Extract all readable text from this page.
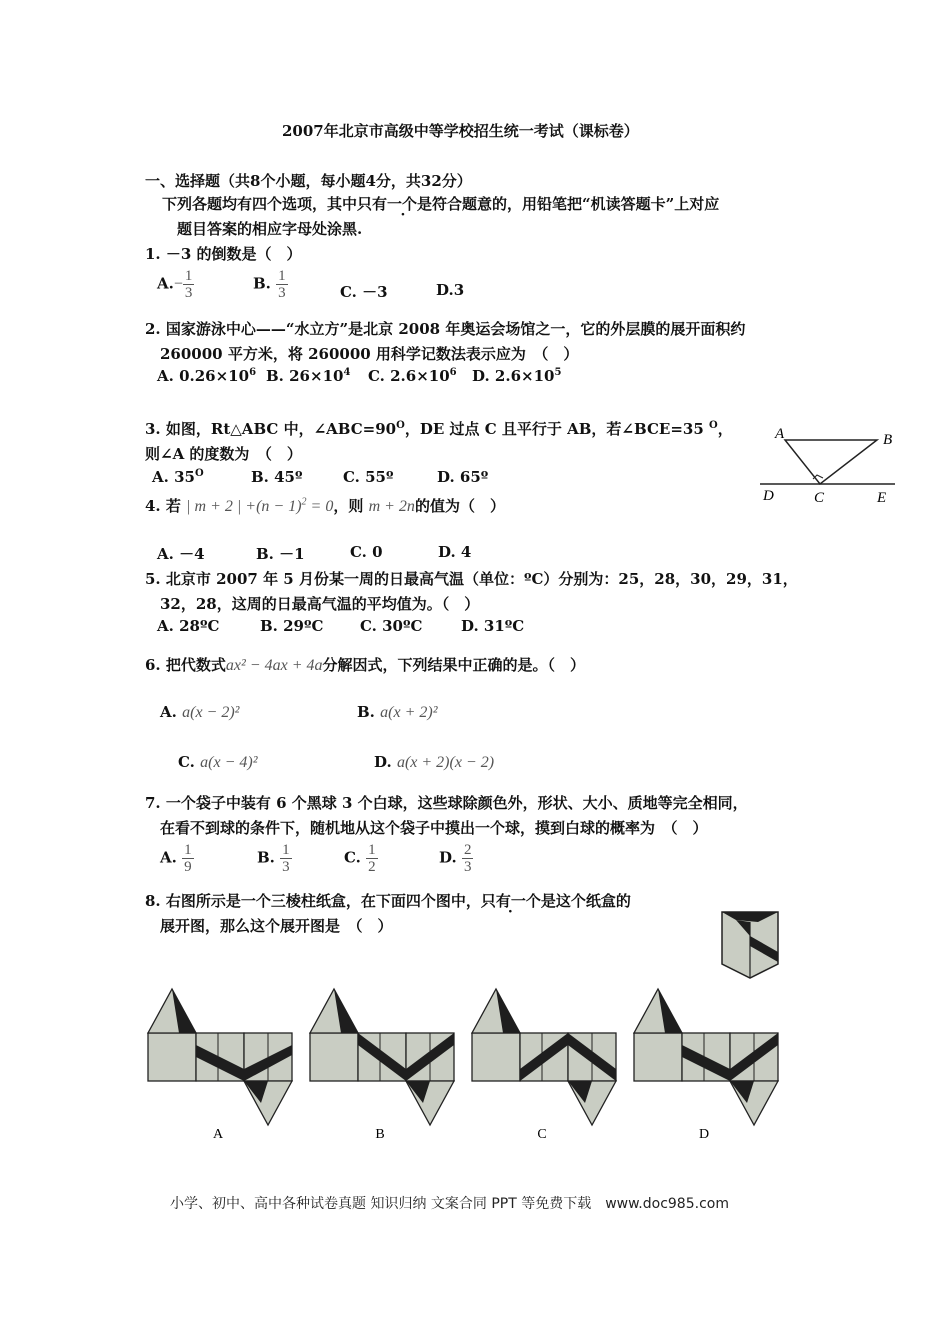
2007年北京市高级中等学校招生统一考试（课标卷）
一、选择题（共8个小题，每小题4分，共32分）
下列各题均有四个选项，其中只有一个是符合题意的，用铅笔把“机读答题卡”上对应
题目答案的相应字母处涂黑.
1. －3 的倒数是（　）
$A.- \frac{1}{3}$	B. $\frac{1}{3}$	C. －3	D.3
2. 国家游泳中心——“水立方”是北京 2008 年奥运会场馆之一，它的外层膜的展开面积约
260000 平方米，将 260000 用科学记数法表示应为　（　）
A. $0.26\times 10^6$ B. $26\times 10^4$ C. $2.6\times 10^6$ D. $2.6\times 10^5$
3. 如图，Rt△ABC 中，$\angle ABC=90^O$，DE 过点 C 且平行于 AB，若∠BCE=35 $^O$，
则∠A 的度数为　（　）
A. $35^O$	B. 45º	C. 55º	D. 65º
A	B
C
D	E
4. 若 | m + 2 | $+(n - 1)^2 = 0$，则 m + 2n的值为（　）
A. －4	B. －1	C. 0	D. 4
5. 北京市 2007 年 5 月份某一周的日最高气温（单位：ºC）分别为：25，28，30，29，31，
32，28，这周的日最高气温的平均值为。（　）
A. 28ºC	B. 29ºC C. 30ºC	D. 31ºC
6. 把代数式ax² − 4ax + 4a分解因式，下列结果中正确的是。（　）
A. a(x − 2)²	B. a(x + 2)²
C. a(x − 4)²	D. a(x + 2)(x − 2)
7. 一个袋子中装有 6 个黑球 3 个白球，这些球除颜色外，形状、大小、质地等完全相同，
在看不到球的条件下，随机地从这个袋子中摸出一个球，摸到白球的概率为　（　）
A. $\frac{1}{9}$	B. $\frac{1}{3}$	C. $\frac{1}{2}$	D. $\frac{2}{3}$
8. 右图所示是一个三棱柱纸盒，在下面四个图中，只有一个是这个纸盒的
展开图，那么这个展开图是　（　）
A	B	C	D
小学、初中、高中各种试卷真题 知识归纳 文案合同 PPT 等免费下载　www.doc985.com
